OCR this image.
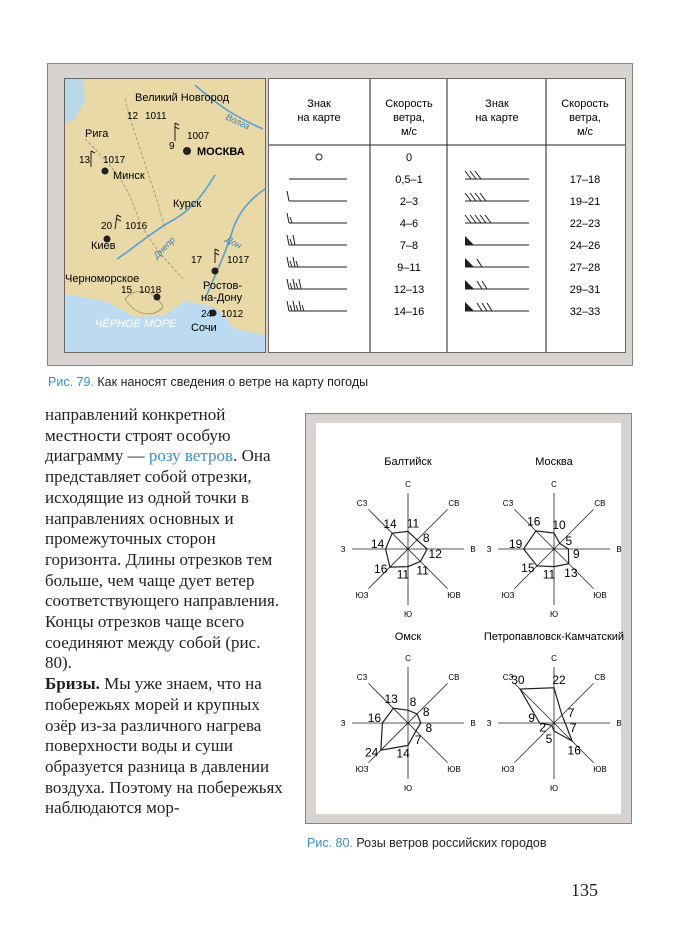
Великий Новгород
Рига
МОСКВА
Минск
Курск
Киев
Черноморское
Ростов-
на-Дону
Сочи
ЧЁРНОЕ МОРЕ
Волга
Днепр	Дон
12 1011
9
1007
13 1017
20 1016
17 1017
15 1018
24 1012
Знак
на карте
Скорость
ветра,
м/с
Знак
на карте
Скорость
ветра,
м/с
0
0,5–1
2–3
4–6
7–8
9–11
12–13
14–16
17–18
19–21
22–23
24–26
27–28
29–31
32–33
Рис. 79. Как наносят сведения о ветре на карту погоды

направлений конкретной местности строят особую диаграмму — розу ветров. Она представляет собой отрезки, исходящие из одной точки в направлениях основных и промежуточных сторон горизонта. Длины отрезков тем больше, чем чаще дует ветер соответствующего направления. Концы отрезков чаще всего соединяют между собой (рис. 80).

Бризы. Мы уже знаем, что на побережьях морей и крупных озёр из-за различного нагрева поверхности воды и суши образуется разница в давлении воздуха. Поэтому на побережьях наблюдаются мор-

Балтийск
С
СВ
В
ЮВ
Ю
ЮЗ
З
СЗ
11
8
12
11
11
16
14
14
Москва
С
СВ
В
ЮВ
Ю
ЮЗ
З
СЗ
10
5
9
13
11
15
19
16
Омск
С
СВ
В
ЮВ
Ю
ЮЗ
З
СЗ
8
8
8
7
14
24
16
13
Петропавловск-Камчатский
С
СВ
В
ЮВ
Ю
ЮЗ
З
СЗ	22
7
7
16
5
2
9
30
Рис. 80. Розы ветров российских городов
135
